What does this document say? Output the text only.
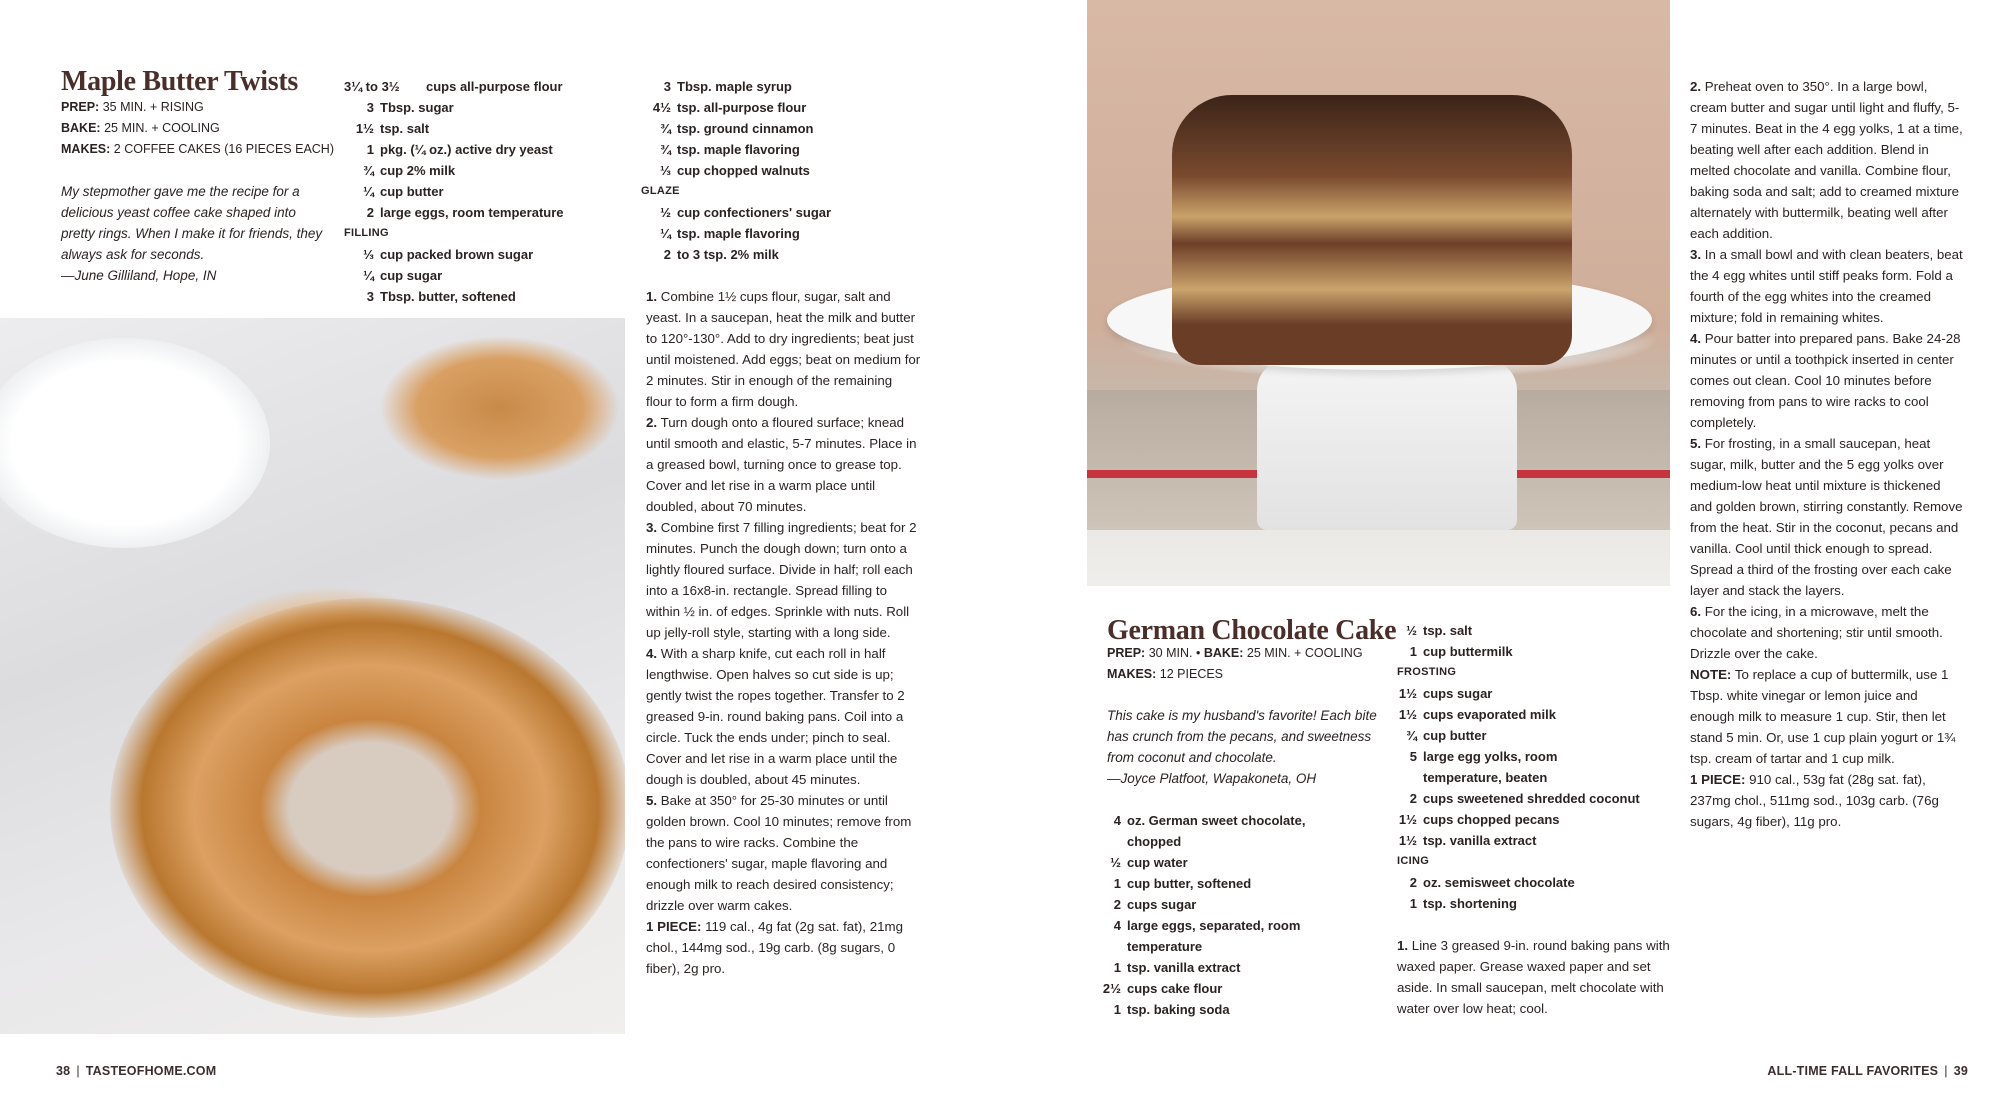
Maple Butter Twists
PREP: 35 MIN. + RISING
BAKE: 25 MIN. + COOLING
MAKES: 2 COFFEE CAKES (16 PIECES EACH)
My stepmother gave me the recipe for a delicious yeast coffee cake shaped into pretty rings. When I make it for friends, they always ask for seconds.
—June Gilliland, Hope, IN
3¼ to 3½ cups all-purpose flour
3 Tbsp. sugar
1½ tsp. salt
1 pkg. (¼ oz.) active dry yeast
¾ cup 2% milk
¼ cup butter
2 large eggs, room temperature
FILLING
⅓ cup packed brown sugar
¼ cup sugar
3 Tbsp. butter, softened
3 Tbsp. maple syrup
4½ tsp. all-purpose flour
¾ tsp. ground cinnamon
¾ tsp. maple flavoring
⅓ cup chopped walnuts
GLAZE
½ cup confectioners' sugar
¼ tsp. maple flavoring
2 to 3 tsp. 2% milk

1. Combine 1½ cups flour, sugar, salt and yeast. In a saucepan, heat the milk and butter to 120°-130°. Add to dry ingredients; beat just until moistened. Add eggs; beat on medium for 2 minutes. Stir in enough of the remaining flour to form a firm dough.

2. Turn dough onto a floured surface; knead until smooth and elastic, 5-7 minutes. Place in a greased bowl, turning once to grease top. Cover and let rise in a warm place until doubled, about 70 minutes.

3. Combine first 7 filling ingredients; beat for 2 minutes. Punch the dough down; turn onto a lightly floured surface. Divide in half; roll each into a 16x8-in. rectangle. Spread filling to within ½ in. of edges. Sprinkle with nuts. Roll up jelly-roll style, starting with a long side.

4. With a sharp knife, cut each roll in half lengthwise. Open halves so cut side is up; gently twist the ropes together. Transfer to 2 greased 9-in. round baking pans. Coil into a circle. Tuck the ends under; pinch to seal. Cover and let rise in a warm place until the dough is doubled, about 45 minutes.

5. Bake at 350° for 25-30 minutes or until golden brown. Cool 10 minutes; remove from the pans to wire racks. Combine the confectioners' sugar, maple flavoring and enough milk to reach desired consistency; drizzle over warm cakes.

1 PIECE: 119 cal., 4g fat (2g sat. fat), 21mg chol., 144mg sod., 19g carb. (8g sugars, 0 fiber), 2g pro.

38 | TASTEOFHOME.COM
German Chocolate Cake
PREP: 30 MIN. • BAKE: 25 MIN. + COOLING
MAKES: 12 PIECES
This cake is my husband's favorite! Each bite has crunch from the pecans, and sweetness from coconut and chocolate.
—Joyce Platfoot, Wapakoneta, OH
4 oz. German sweet chocolate, chopped
½ cup water
1 cup butter, softened
2 cups sugar
4 large eggs, separated, room temperature
1 tsp. vanilla extract
2½ cups cake flour
1 tsp. baking soda
½ tsp. salt
1 cup buttermilk
FROSTING
1½ cups sugar
1½ cups evaporated milk
¾ cup butter
5 large egg yolks, room temperature, beaten
2 cups sweetened shredded coconut
1½ cups chopped pecans
1½ tsp. vanilla extract
ICING
2 oz. semisweet chocolate
1 tsp. shortening

1. Line 3 greased 9-in. round baking pans with waxed paper. Grease waxed paper and set aside. In small saucepan, melt chocolate with water over low heat; cool.

2. Preheat oven to 350°. In a large bowl, cream butter and sugar until light and fluffy, 5-7 minutes. Beat in the 4 egg yolks, 1 at a time, beating well after each addition. Blend in melted chocolate and vanilla. Combine flour, baking soda and salt; add to creamed mixture alternately with buttermilk, beating well after each addition.

3. In a small bowl and with clean beaters, beat the 4 egg whites until stiff peaks form. Fold a fourth of the egg whites into the creamed mixture; fold in remaining whites.

4. Pour batter into prepared pans. Bake 24-28 minutes or until a toothpick inserted in center comes out clean. Cool 10 minutes before removing from pans to wire racks to cool completely.

5. For frosting, in a small saucepan, heat sugar, milk, butter and the 5 egg yolks over medium-low heat until mixture is thickened and golden brown, stirring constantly. Remove from the heat. Stir in the coconut, pecans and vanilla. Cool until thick enough to spread. Spread a third of the frosting over each cake layer and stack the layers.

6. For the icing, in a microwave, melt the chocolate and shortening; stir until smooth. Drizzle over the cake.

NOTE: To replace a cup of buttermilk, use 1 Tbsp. white vinegar or lemon juice and enough milk to measure 1 cup. Stir, then let stand 5 min. Or, use 1 cup plain yogurt or 1¾ tsp. cream of tartar and 1 cup milk.

1 PIECE: 910 cal., 53g fat (28g sat. fat), 237mg chol., 511mg sod., 103g carb. (76g sugars, 4g fiber), 11g pro.

ALL-TIME FALL FAVORITES | 39
